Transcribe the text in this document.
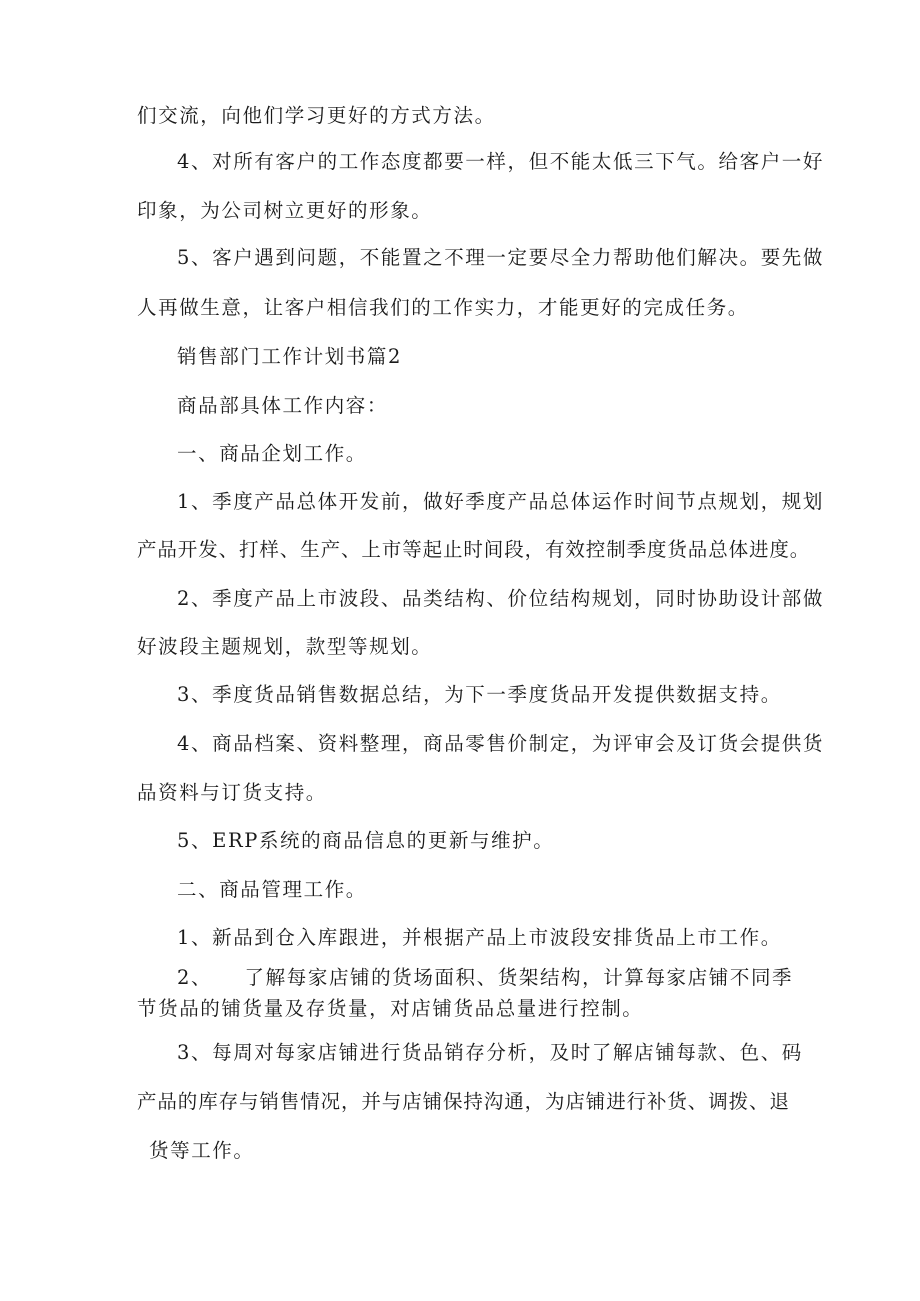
们交流，向他们学习更好的方式方法。
4、对所有客户的工作态度都要一样，但不能太低三下气。给客户一好
印象，为公司树立更好的形象。
5、客户遇到问题，不能置之不理一定要尽全力帮助他们解决。要先做
人再做生意，让客户相信我们的工作实力，才能更好的完成任务。
销售部门工作计划书篇2
商品部具体工作内容：
一、商品企划工作。
1、季度产品总体开发前，做好季度产品总体运作时间节点规划，规划
产品开发、打样、生产、上市等起止时间段，有效控制季度货品总体进度。
2、季度产品上市波段、品类结构、价位结构规划，同时协助设计部做
好波段主题规划，款型等规划。
3、季度货品销售数据总结，为下一季度货品开发提供数据支持。
4、商品档案、资料整理，商品零售价制定，为评审会及订货会提供货
品资料与订货支持。
5、ERP系统的商品信息的更新与维护。
二、商品管理工作。
1、新品到仓入库跟进，并根据产品上市波段安排货品上市工作。
2、　　了解每家店铺的货场面积、货架结构，计算每家店铺不同季
节货品的铺货量及存货量，对店铺货品总量进行控制。
3、每周对每家店铺进行货品销存分析，及时了解店铺每款、色、码
产品的库存与销售情况，并与店铺保持沟通，为店铺进行补货、调拨、退
货等工作。
